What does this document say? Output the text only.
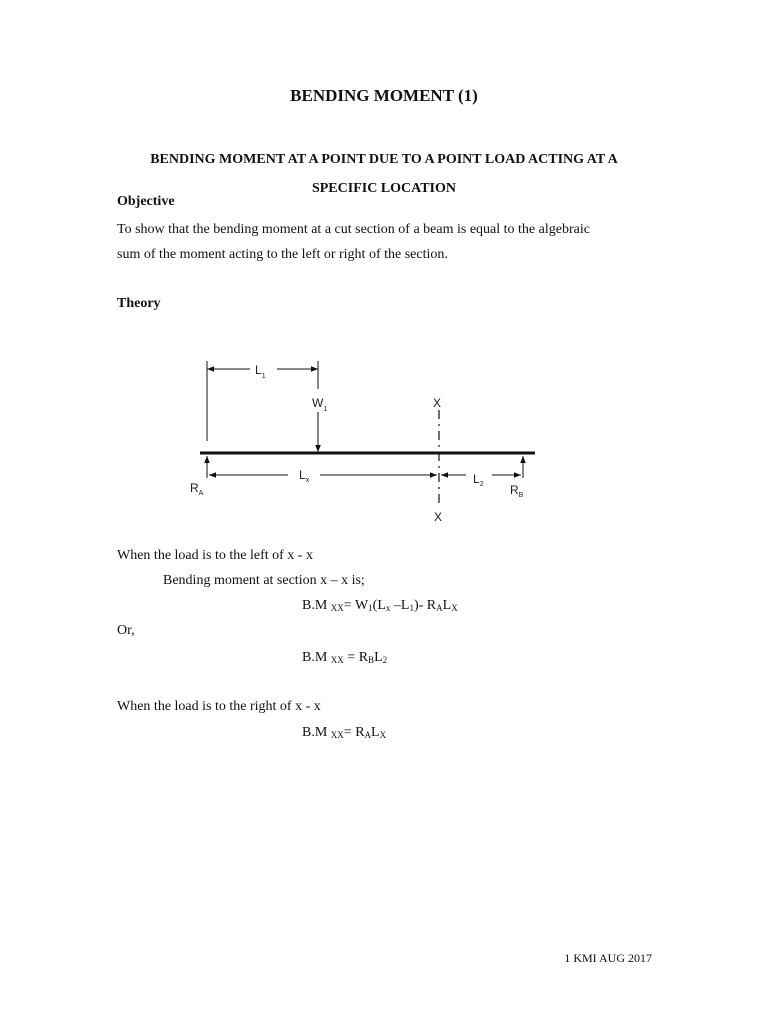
BENDING MOMENT (1)
BENDING MOMENT AT A POINT DUE TO A POINT LOAD ACTING AT A
SPECIFIC LOCATION
Objective
To show that the bending moment at a cut section of a beam is equal to the algebraic
sum of the moment acting to the left or right of the section.
Theory
$L_1$
$W_1$	X
X
$R_A$	$R_B$
$L_x$	$L_2$
When the load is to the left of x - x
Bending moment at section x – x is;
B.M $_{XX}= W_1(L_x$ $-L_1)-$ $R_AL_X$
Or,
B.M $_{XX} = R_BL_2$
When the load is to the right of x - x
B.M $_{XX}= R_AL_X$
1 KMI AUG 2017
